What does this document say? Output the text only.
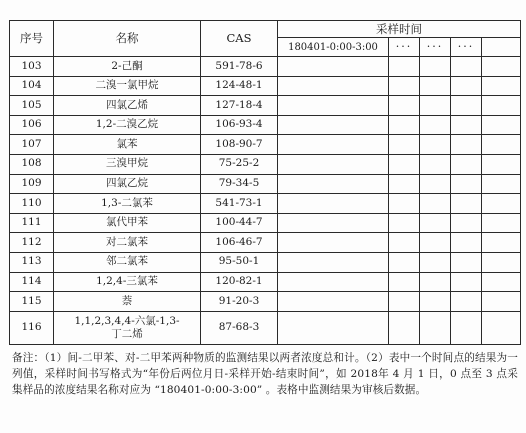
序号	名称	CAS	采样时间				
			180401-0:00-3:00	···	···	···	
103	2-己酮	591-78-6					
104	二溴一氯甲烷	124-48-1					
105	四氯乙烯	127-18-4					
106	1,2-二溴乙烷	106-93-4					
107	氯苯	108-90-7					
108	三溴甲烷	75-25-2					
109	四氯乙烷	79-34-5					
110	1,3-二氯苯	541-73-1					
111	氯代甲苯	100-44-7					
112	对二氯苯	106-46-7					
113	邻二氯苯	95-50-1					
114	1,2,4-三氯苯	120-82-1					
115	萘	91-20-3					
116	1,1,2,3,4,4-六氯-1,3-丁二烯	87-68-3					
备注：（1）间-二甲苯、对-二甲苯两种物质的监测结果以两者浓度总和计。（2）表中一个时间点的结果为一列值，采样时间书写格式为“年份后两位月日-采样开始-结束时间”，如 2018年 4 月 1 日，0 点至 3 点采集样品的浓度结果名称对应为 “180401-0:00-3:00” 。表格中监测结果为审核后数据。
